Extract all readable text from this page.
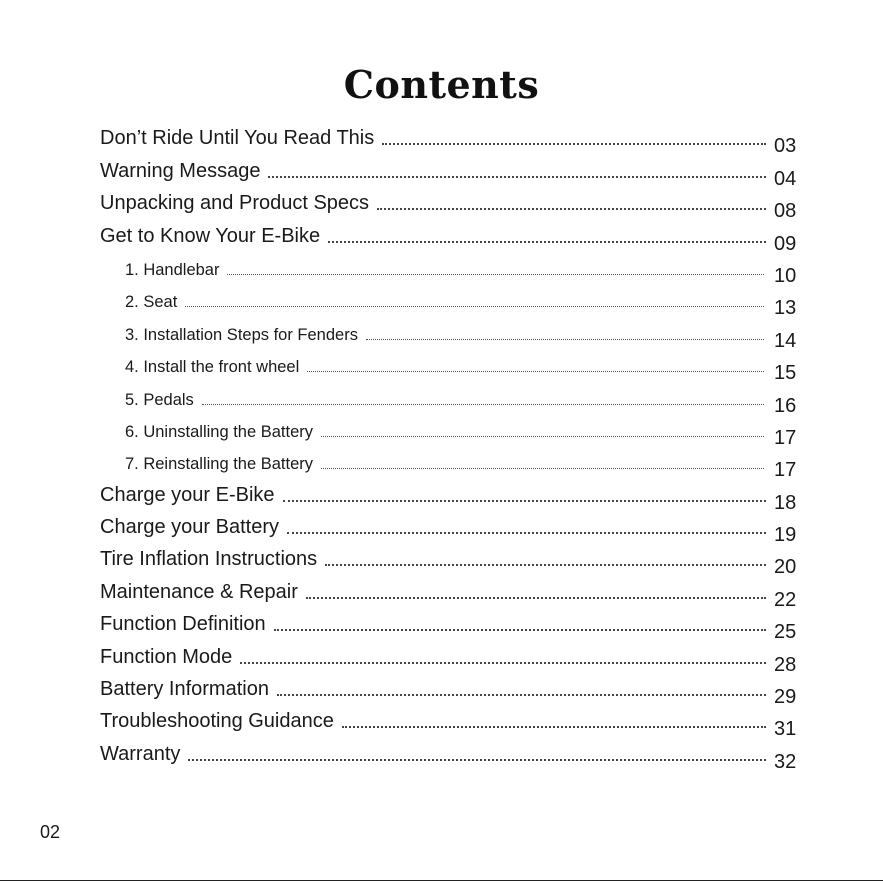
Contents
Don’t Ride Until You Read This	03
Warning Message	04
Unpacking and Product Specs	08
Get to Know Your E-Bike	09
1. Handlebar	10
2. Seat	13
3. Installation Steps for Fenders	14
4. Install the front wheel	15
5. Pedals	16
6. Uninstalling the Battery	17
7. Reinstalling the Battery	17
Charge your E-Bike	18
Charge your Battery	19
Tire Inflation Instructions	20
Maintenance & Repair	22
Function Definition	25
Function Mode	28
Battery Information	29
Troubleshooting Guidance	31
Warranty	32
02
